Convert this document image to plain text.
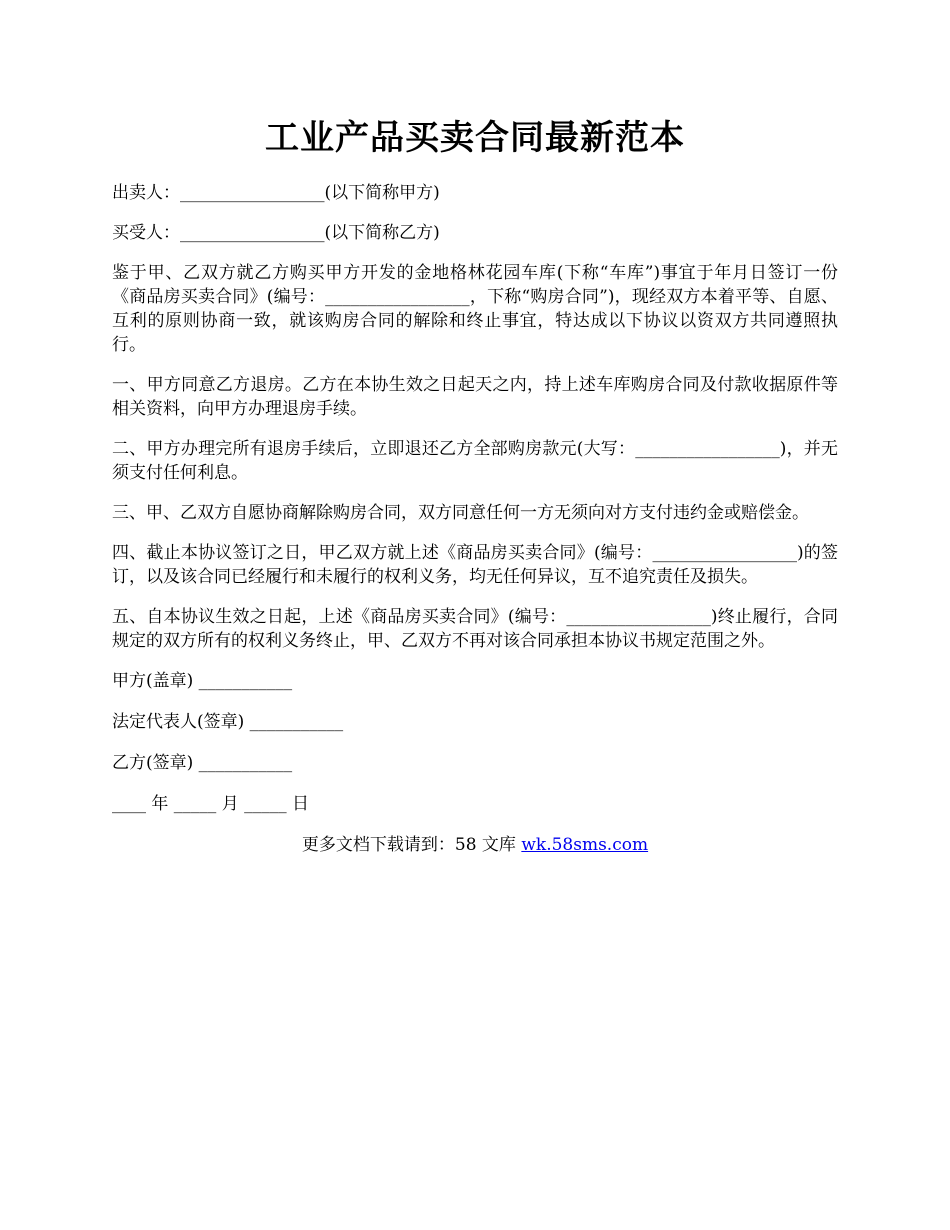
工业产品买卖合同最新范本

出卖人：_________________(以下简称甲方)

买受人：_________________(以下简称乙方)

鉴于甲、乙双方就乙方购买甲方开发的金地格林花园车库(下称“车库”)事宜于年月日签订一份《商品房买卖合同》(编号：_________________，下称“购房合同”)，现经双方本着平等、自愿、互利的原则协商一致，就该购房合同的解除和终止事宜，特达成以下协议以资双方共同遵照执行。

一、甲方同意乙方退房。乙方在本协生效之日起天之内，持上述车库购房合同及付款收据原件等相关资料，向甲方办理退房手续。

二、甲方办理完所有退房手续后，立即退还乙方全部购房款元(大写：_________________)，并无须支付任何利息。

三、甲、乙双方自愿协商解除购房合同，双方同意任何一方无须向对方支付违约金或赔偿金。

四、截止本协议签订之日，甲乙双方就上述《商品房买卖合同》(编号：_________________)的签订，以及该合同已经履行和未履行的权利义务，均无任何异议，互不追究责任及损失。

五、自本协议生效之日起，上述《商品房买卖合同》(编号：_________________)终止履行，合同规定的双方所有的权利义务终止，甲、乙双方不再对该合同承担本协议书规定范围之外。

甲方(盖章) ___________

法定代表人(签章) ___________

乙方(签章) ___________

____ 年 _____ 月 _____ 日

更多文档下载请到：58 文库 wk.58sms.com
